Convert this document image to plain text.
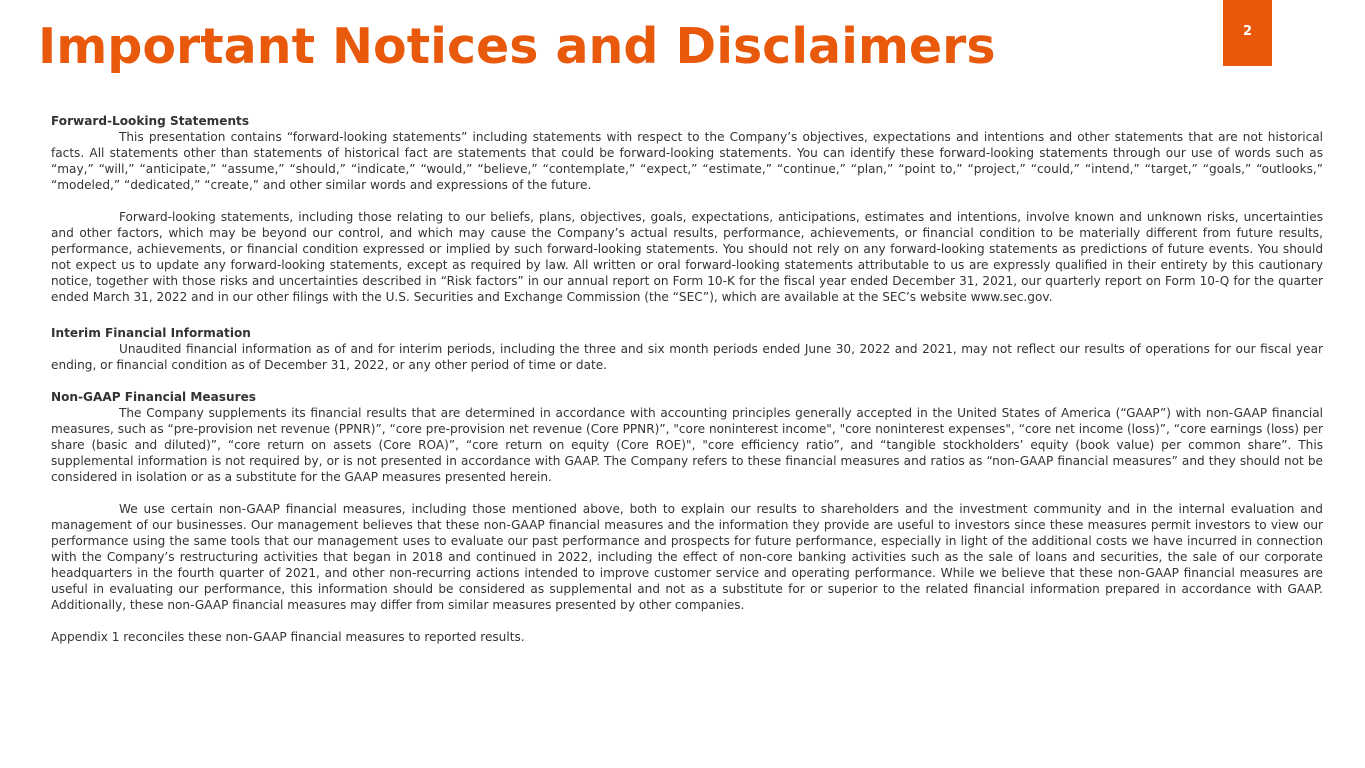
Important Notices and Disclaimers	2

Forward-Looking Statements

This presentation contains “forward-looking statements” including statements with respect to the Company’s objectives, expectations and intentions and other statements that are not historical facts. All statements other than statements of historical fact are statements that could be forward-looking statements. You can identify these forward-looking statements through our use of words such as “may,” “will,” “anticipate,” “assume,” “should,” “indicate,” “would,” “believe,” “contemplate,” “expect,” “estimate,” “continue,” “plan,” “point to,” “project,” “could,” “intend,” “target,” “goals,” “outlooks,” “modeled,” “dedicated,” “create,” and other similar words and expressions of the future.

Forward-looking statements, including those relating to our beliefs, plans, objectives, goals, expectations, anticipations, estimates and intentions, involve known and unknown risks, uncertainties and other factors, which may be beyond our control, and which may cause the Company’s actual results, performance, achievements, or financial condition to be materially different from future results, performance, achievements, or financial condition expressed or implied by such forward-looking statements. You should not rely on any forward-looking statements as predictions of future events. You should not expect us to update any forward-looking statements, except as required by law. All written or oral forward-looking statements attributable to us are expressly qualified in their entirety by this cautionary notice, together with those risks and uncertainties described in “Risk factors” in our annual report on Form 10-K for the fiscal year ended December 31, 2021, our quarterly report on Form 10-Q for the quarter ended March 31, 2022 and in our other filings with the U.S. Securities and Exchange Commission (the “SEC”), which are available at the SEC’s website www.sec.gov.

Interim Financial Information

Unaudited financial information as of and for interim periods, including the three and six month periods ended June 30, 2022 and 2021, may not reflect our results of operations for our fiscal year ending, or financial condition as of December 31, 2022, or any other period of time or date.

Non-GAAP Financial Measures

The Company supplements its financial results that are determined in accordance with accounting principles generally accepted in the United States of America (“GAAP”) with non-GAAP financial measures, such as “pre-provision net revenue (PPNR)”, “core pre-provision net revenue (Core PPNR)”, "core noninterest income", "core noninterest expenses", “core net income (loss)”, “core earnings (loss) per share (basic and diluted)”, “core return on assets (Core ROA)”, “core return on equity (Core ROE)", "core efficiency ratio”, and “tangible stockholders’ equity (book value) per common share”. This supplemental information is not required by, or is not presented in accordance with GAAP. The Company refers to these financial measures and ratios as “non-GAAP financial measures” and they should not be considered in isolation or as a substitute for the GAAP measures presented herein.

We use certain non-GAAP financial measures, including those mentioned above, both to explain our results to shareholders and the investment community and in the internal evaluation and management of our businesses. Our management believes that these non-GAAP financial measures and the information they provide are useful to investors since these measures permit investors to view our performance using the same tools that our management uses to evaluate our past performance and prospects for future performance, especially in light of the additional costs we have incurred in connection with the Company’s restructuring activities that began in 2018 and continued in 2022, including the effect of non-core banking activities such as the sale of loans and securities, the sale of our corporate headquarters in the fourth quarter of 2021, and other non-recurring actions intended to improve customer service and operating performance. While we believe that these non-GAAP financial measures are useful in evaluating our performance, this information should be considered as supplemental and not as a substitute for or superior to the related financial information prepared in accordance with GAAP. Additionally, these non-GAAP financial measures may differ from similar measures presented by other companies.

Appendix 1 reconciles these non-GAAP financial measures to reported results.
